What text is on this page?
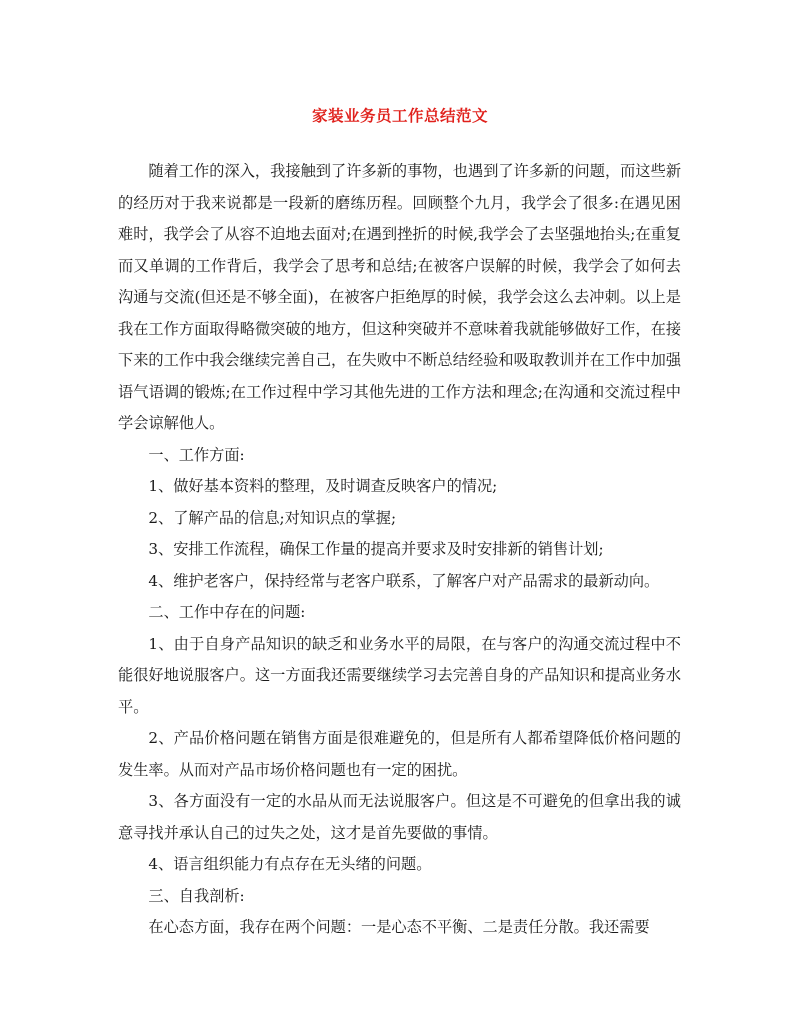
家装业务员工作总结范文

随着工作的深入，我接触到了许多新的事物，也遇到了许多新的问题，而这些新的经历对于我来说都是一段新的磨练历程。回顾整个九月，我学会了很多:在遇见困难时，我学会了从容不迫地去面对;在遇到挫折的时候,我学会了去坚强地抬头;在重复而又单调的工作背后，我学会了思考和总结;在被客户误解的时候，我学会了如何去沟通与交流(但还是不够全面)，在被客户拒绝厚的时候，我学会这么去冲刺。以上是我在工作方面取得略微突破的地方，但这种突破并不意味着我就能够做好工作，在接下来的工作中我会继续完善自己，在失败中不断总结经验和吸取教训并在工作中加强语气语调的锻炼;在工作过程中学习其他先进的工作方法和理念;在沟通和交流过程中学会谅解他人。

一、工作方面:

1、做好基本资料的整理，及时调查反映客户的情况;

2、了解产品的信息;对知识点的掌握;

3、安排工作流程，确保工作量的提高并要求及时安排新的销售计划;

4、维护老客户，保持经常与老客户联系，了解客户对产品需求的最新动向。

二、工作中存在的问题:

1、由于自身产品知识的缺乏和业务水平的局限，在与客户的沟通交流过程中不能很好地说服客户。这一方面我还需要继续学习去完善自身的产品知识和提高业务水平。

2、产品价格问题在销售方面是很难避免的，但是所有人都希望降低价格问题的发生率。从而对产品市场价格问题也有一定的困扰。

3、各方面没有一定的水品从而无法说服客户。但这是不可避免的但拿出我的诚意寻找并承认自己的过失之处，这才是首先要做的事情。

4、语言组织能力有点存在无头绪的问题。

三、自我剖析:

在心态方面，我存在两个问题：一是心态不平衡、二是责任分散。我还需要
